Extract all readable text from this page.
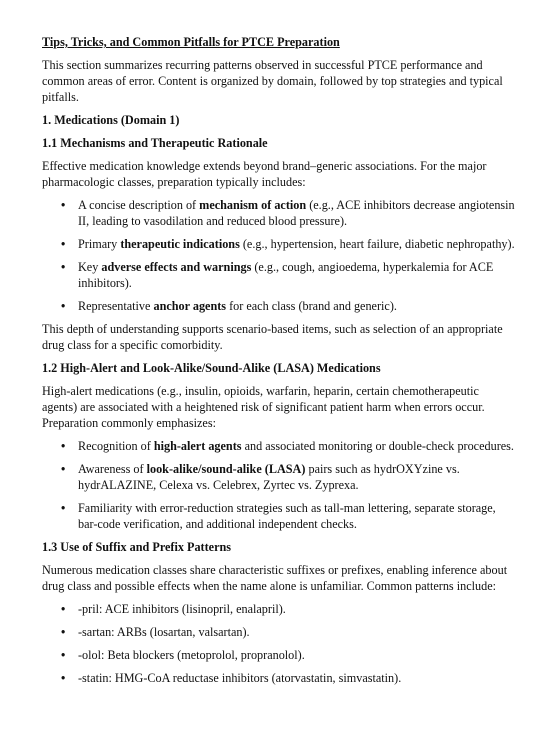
Tips, Tricks, and Common Pitfalls for PTCE Preparation

This section summarizes recurring patterns observed in successful PTCE performance and common areas of error. Content is organized by domain, followed by top strategies and typical pitfalls.

1. Medications (Domain 1)
1.1 Mechanisms and Therapeutic Rationale

Effective medication knowledge extends beyond brand–generic associations. For the major pharmacologic classes, preparation typically includes:

• A concise description of mechanism of action (e.g., ACE inhibitors decrease angiotensin II, leading to vasodilation and reduced blood pressure).
• Primary therapeutic indications (e.g., hypertension, heart failure, diabetic nephropathy).
• Key adverse effects and warnings (e.g., cough, angioedema, hyperkalemia for ACE inhibitors).
• Representative anchor agents for each class (brand and generic).

This depth of understanding supports scenario-based items, such as selection of an appropriate drug class for a specific comorbidity.

1.2 High-Alert and Look-Alike/Sound-Alike (LASA) Medications

High-alert medications (e.g., insulin, opioids, warfarin, heparin, certain chemotherapeutic agents) are associated with a heightened risk of significant patient harm when errors occur. Preparation commonly emphasizes:

• Recognition of high-alert agents and associated monitoring or double-check procedures.
• Awareness of look-alike/sound-alike (LASA) pairs such as hydrOXYzine vs. hydrALAZINE, Celexa vs. Celebrex, Zyrtec vs. Zyprexa.
• Familiarity with error-reduction strategies such as tall-man lettering, separate storage, bar-code verification, and additional independent checks.
1.3 Use of Suffix and Prefix Patterns

Numerous medication classes share characteristic suffixes or prefixes, enabling inference about drug class and possible effects when the name alone is unfamiliar. Common patterns include:

• -pril: ACE inhibitors (lisinopril, enalapril).
• -sartan: ARBs (losartan, valsartan).
• -olol: Beta blockers (metoprolol, propranolol).
• -statin: HMG-CoA reductase inhibitors (atorvastatin, simvastatin).
